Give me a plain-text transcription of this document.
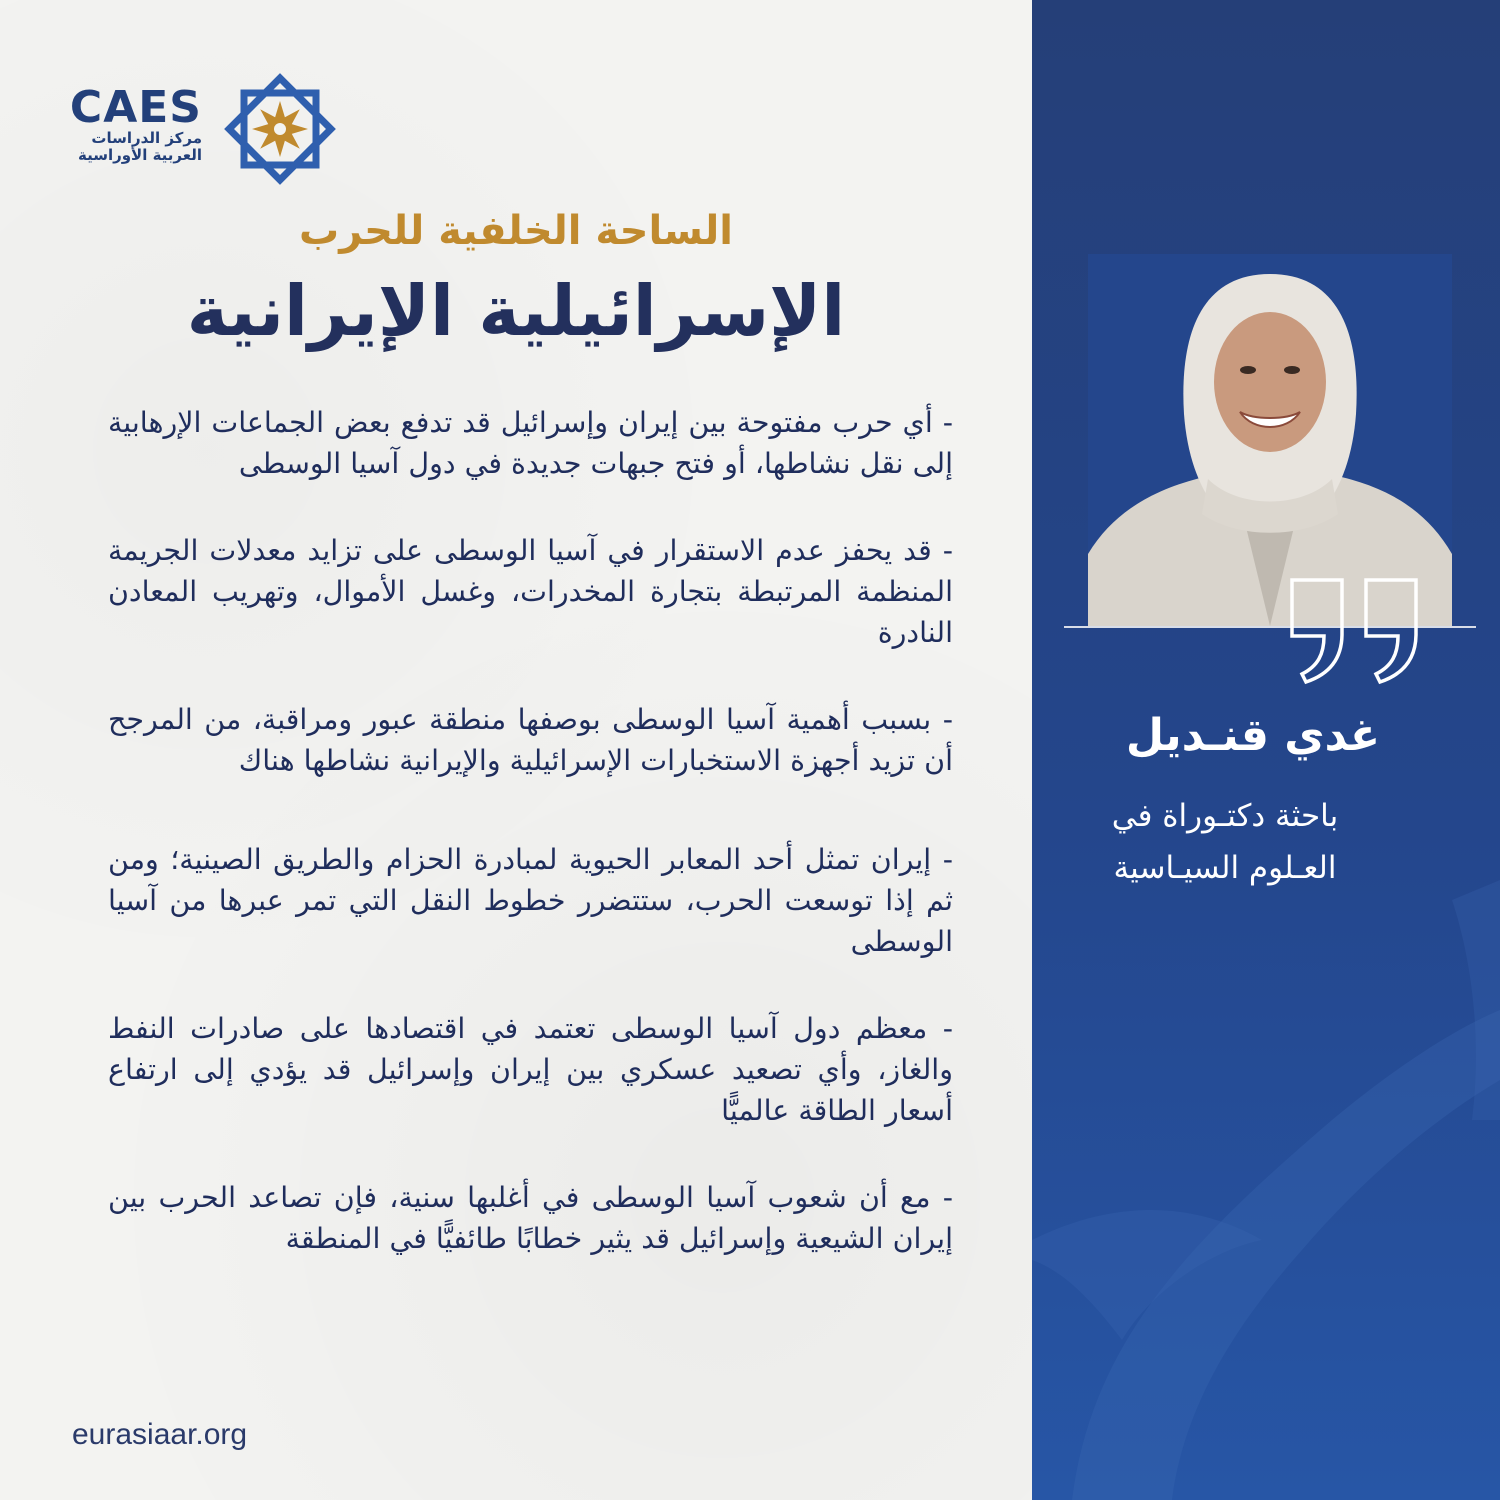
CAES
مركز الدراسات
العربية الأوراسية
الساحة الخلفية للحرب
الإسرائيلية الإيرانية

- أي حرب مفتوحة بين إيران وإسرائيل قد تدفع بعض الجماعات الإرهابية إلى نقل نشاطها، أو فتح جبهات جديدة في دول آسيا الوسطى

- قد يحفز عدم الاستقرار في آسيا الوسطى على تزايد معدلات الجريمة المنظمة المرتبطة بتجارة المخدرات، وغسل الأموال، وتهريب المعادن النادرة

- بسبب أهمية آسيا الوسطى بوصفها منطقة عبور ومراقبة، من المرجح أن تزيد أجهزة الاستخبارات الإسرائيلية والإيرانية نشاطها هناك

- إيران تمثل أحد المعابر الحيوية لمبادرة الحزام والطريق الصينية؛ ومن ثم إذا توسعت الحرب، ستتضرر خطوط النقل التي تمر عبرها من آسيا الوسطى

- معظم دول آسيا الوسطى تعتمد في اقتصادها على صادرات النفط والغاز، وأي تصعيد عسكري بين إيران وإسرائيل قد يؤدي إلى ارتفاع أسعار الطاقة عالميًّا

- مع أن شعوب آسيا الوسطى في أغلبها سنية، فإن تصاعد الحرب بين إيران الشيعية وإسرائيل قد يثير خطابًا طائفيًّا في المنطقة

eurasiaar.org
غدي قنـديل
باحثة دكتـوراة في
العـلوم السيـاسية
